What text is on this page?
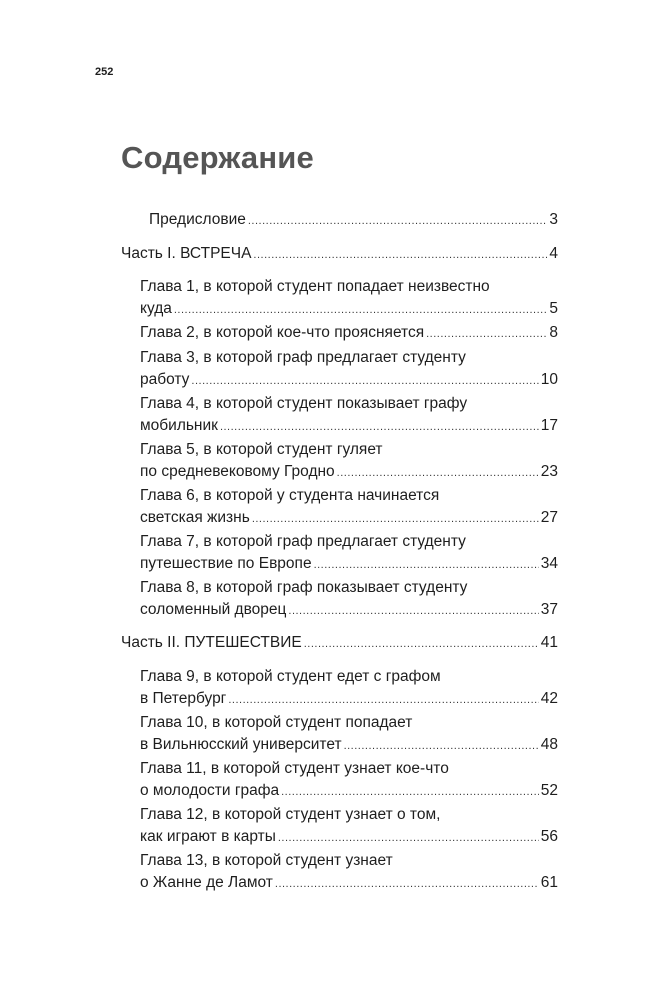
252
Содержание
Предисловие .....	3
Часть I. ВСТРЕЧА .....	4
Глава 1, в которой студент попадает неизвестно
куда .....	5
Глава 2, в которой кое-что проясняется .....	8
Глава 3, в которой граф предлагает студенту
работу .....	10
Глава 4, в которой студент показывает графу
мобильник .....	17
Глава 5, в которой студент гуляет
по средневековому Гродно .....	23
Глава 6, в которой у студента начинается
светская жизнь .....	27
Глава 7, в которой граф предлагает студенту
путешествие по Европе .....	34
Глава 8, в которой граф показывает студенту
соломенный дворец .....	37
Часть II. ПУТЕШЕСТВИЕ .....	41
Глава 9, в которой студент едет с графом
в Петербург .....	42
Глава 10, в которой студент попадает
в Вильнюсский университет .....	48
Глава 11, в которой студент узнает кое-что
о молодости графа .....	52
Глава 12, в которой студент узнает о том,
как играют в карты .....	56
Глава 13, в которой студент узнает
о Жанне де Ламот .....	61
